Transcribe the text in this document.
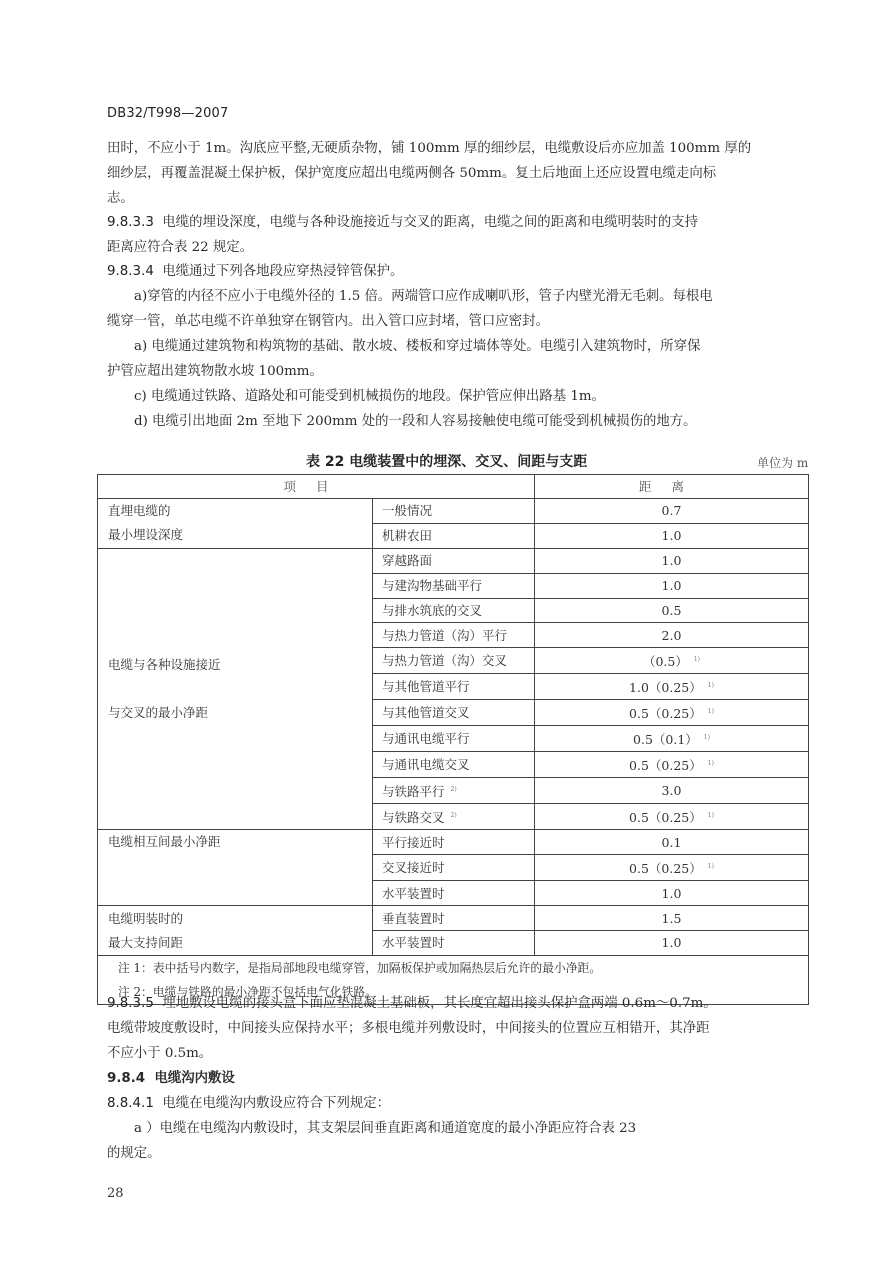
DB32/T998—2007
田时，不应小于 1m。沟底应平整,无硬质杂物，铺 100mm 厚的细纱层，电缆敷设后亦应加盖 100mm 厚的
细纱层，再覆盖混凝土保护板，保护宽度应超出电缆两侧各 50mm。复土后地面上还应设置电缆走向标
志。
9.8.3.3 电缆的埋设深度，电缆与各种设施接近与交叉的距离，电缆之间的距离和电缆明装时的支持
距离应符合表 22 规定。
9.8.3.4 电缆通过下列各地段应穿热浸锌管保护。
a)穿管的内径不应小于电缆外径的 1.5 倍。两端管口应作成喇叭形，管子内壁光滑无毛刺。每根电
缆穿一管，单芯电缆不许单独穿在钢管内。出入管口应封堵，管口应密封。
a) 电缆通过建筑物和构筑物的基础、散水坡、楼板和穿过墙体等处。电缆引入建筑物时，所穿保
护管应超出建筑物散水坡 100mm。
c) 电缆通过铁路、道路处和可能受到机械损伤的地段。保护管应伸出路基 1m。
d) 电缆引出地面 2m 至地下 200mm 处的一段和人容易接触使电缆可能受到机械损伤的地方。
表 22 电缆装置中的埋深、交叉、间距与支距	单位为 m
项目		距离

直埋电缆的
最小埋设深度	一般情况	0.7
	机耕农田	1.0

电缆与各种设施接近
与交叉的最小净距	穿越路面	1.0
	与建沟物基础平行	1.0
	与排水筑底的交叉	0.5
	与热力管道（沟）平行	2.0
	与热力管道（沟）交叉	（0.5） $^{1)}$
	与其他管道平行	1.0（0.25） $^{1)}$
	与其他管道交叉	0.5（0.25） $^{1)}$
	与通讯电缆平行	0.5（0.1） $^{1)}$
	与通讯电缆交叉	0.5（0.25） $^{1)}$
	与铁路平行 $^{2)}$	3.0
	与铁路交叉 $^{2)}$	0.5（0.25） $^{1)}$

电缆相互间最小净距	平行接近时	0.1
	交叉接近时	0.5（0.25） $^{1)}$
	水平装置时	1.0

电缆明装时的
最大支持间距	垂直装置时	1.5
	水平装置时	1.0

注 1：表中括号内数字，是指局部地段电缆穿管，加隔板保护或加隔热层后允许的最小净距。
注 2：电缆与铁路的最小净距不包括电气化铁路。		
9.8.3.5 埋地敷设电缆的接头盒下面应垫混凝土基础板，其长度宜超出接头保护盒两端 0.6m～0.7m。
电缆带坡度敷设时，中间接头应保持水平；多根电缆并列敷设时，中间接头的位置应互相错开，其净距
不应小于 0.5m。
9.8.4 电缆沟内敷设
8.8.4.1 电缆在电缆沟内敷设应符合下列规定：
a ）电缆在电缆沟内敷设时，其支架层间垂直距离和通道宽度的最小净距应符合表 23
的规定。
28
